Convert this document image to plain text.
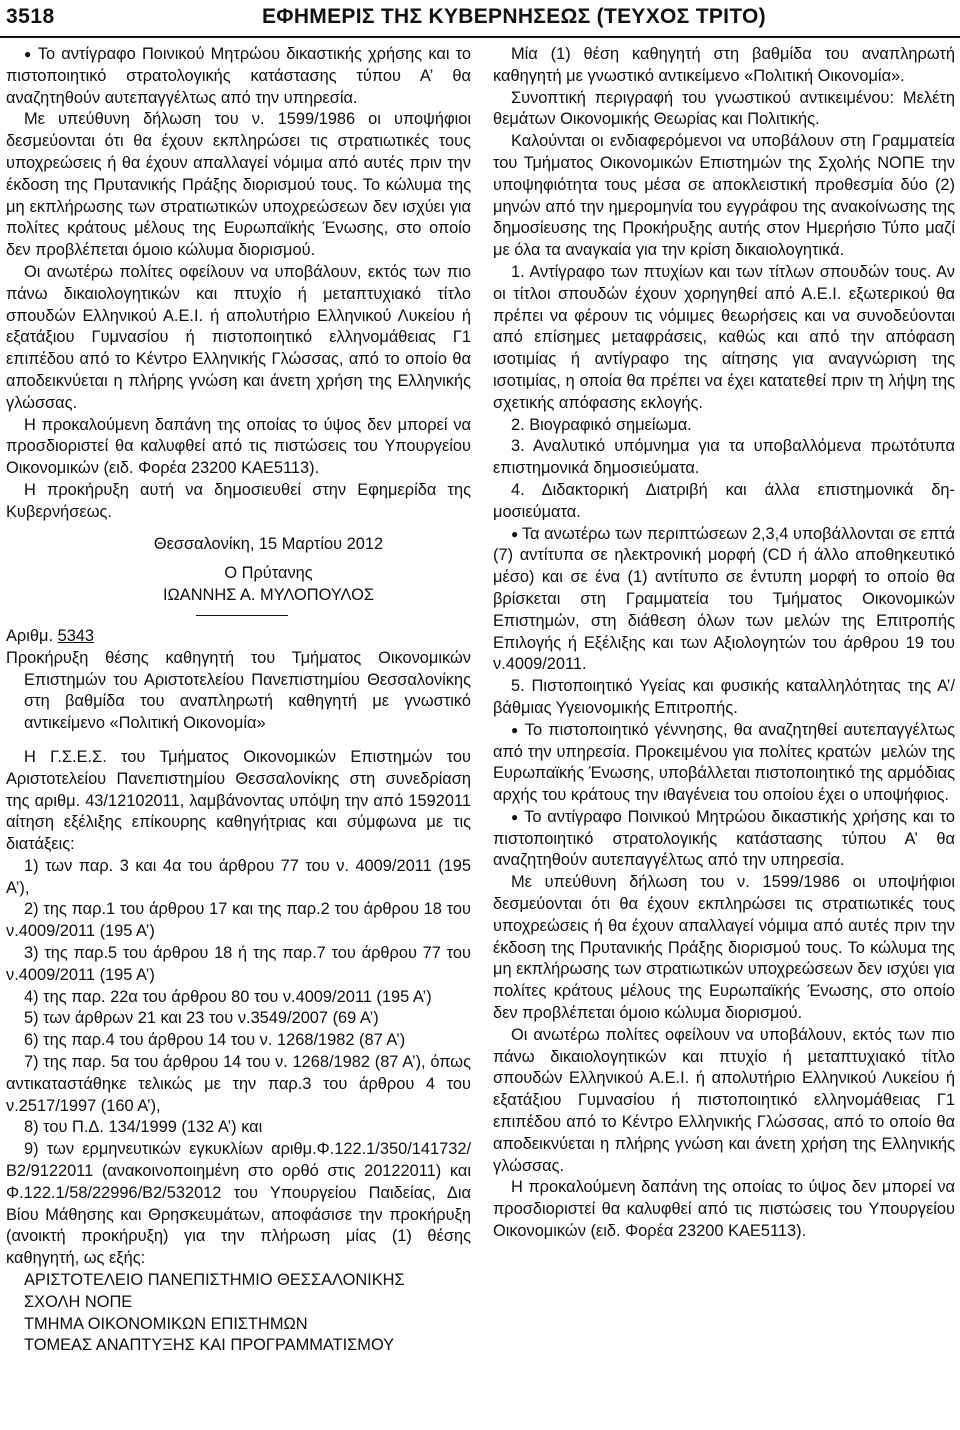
3518	ΕΦΗΜΕΡΙΣ ΤΗΣ ΚΥΒΕΡΝΗΣΕΩΣ (ΤΕΥΧΟΣ ΤΡΙΤΟ)

● Το αντίγραφο Ποινικού Μητρώου δικαστικής χρήσης και το πιστοποιητικό στρατολογικής κατάστασης τύπου Α’ θα αναζητηθούν αυτεπαγγέλτως από την υπηρεσία.

Με υπεύθυνη δήλωση του ν. 1599/1986 οι υποψήφιοι δεσμεύονται ότι θα έχουν εκπληρώσει τις στρατιωτικές τους υποχρεώσεις ή θα έχουν απαλλαγεί νόμιμα από αυτές πριν την έκδοση της Πρυτανικής Πράξης διορισμού τους. Το κώλυμα της μη εκπλήρωσης των στρατιωτικών υποχρεώσεων δεν ισχύει για πολίτες κράτους μέλους της Ευρωπαϊκής Ένωσης, στο οποίο δεν προβλέπεται όμοιο κώλυμα διορισμού.

Οι ανωτέρω πολίτες οφείλουν να υποβάλουν, εκτός των πιο πάνω δικαιολογητικών και πτυχίο ή μεταπτυχιακό τίτλο σπουδών Ελληνικού Α.Ε.Ι. ή απολυτήριο Ελληνικού Λυκείου ή εξατάξιου Γυμνασίου ή πιστοποιητικό ελληνομάθειας Γ1 επιπέδου από το Κέντρο Ελληνικής Γλώσσας, από το οποίο θα αποδεικνύεται η πλήρης γνώση και άνετη χρήση της Ελληνικής γλώσσας.

Η προκαλούμενη δαπάνη της οποίας το ύψος δεν μπορεί να προσδιοριστεί θα καλυφθεί από τις πιστώσεις του Υπουργείου Οικονομικών (ειδ. Φορέα 23200 ΚΑΕ5113).

Η προκήρυξη αυτή να δημοσιευθεί στην Εφημερίδα της Κυβερνήσεως.

Θεσσαλονίκη, 15 Μαρτίου 2012

Ο Πρύτανης

ΙΩΑΝΝΗΣ Α. ΜΥΛΟΠΟΥΛΟΣ

Αριθμ. 5343

Προκήρυξη θέσης καθηγητή του Τμήματος Οικονομικών Επιστημών του Αριστοτελείου Πανεπιστημίου Θεσσαλονίκης στη βαθμίδα του αναπληρωτή καθηγητή με γνωστικό αντικείμενο «Πολιτική Οικονομία»

Η Γ.Σ.Ε.Σ. του Τμήματος Οικονομικών Επιστημών του Αριστοτελείου Πανεπιστημίου Θεσσαλονίκης στη συνεδρίαση της αριθμ. 43/12102011, λαμβάνοντας υπόψη την από 1592011 αίτηση εξέλιξης επίκουρης καθηγήτριας και σύμφωνα με τις διατάξεις:

1) των παρ. 3 και 4α του άρθρου 77 του ν. 4009/2011 (195 Α’),

2) της παρ.1 του άρθρου 17 και της παρ.2 του άρθρου 18 του ν.4009/2011 (195 Α’)

3) της παρ.5 του άρθρου 18 ή της παρ.7 του άρθρου 77 του ν.4009/2011 (195 Α’)

4) της παρ. 22α του άρθρου 80 του ν.4009/2011 (195 Α’)

5) των άρθρων 21 και 23 του ν.3549/2007 (69 Α’)

6) της παρ.4 του άρθρου 14 του ν. 1268/1982 (87 Α’)

7) της παρ. 5α του άρθρου 14 του ν. 1268/1982 (87 Α’), όπως αντικαταστάθηκε τελικώς με την παρ.3 του άρθρου 4 του ν.2517/1997 (160 Α’),

8) του Π.Δ. 134/1999 (132 Α’) και

9) των ερμηνευτικών εγκυκλίων αριθμ.Φ.122.1/350/141732/ Β2/9122011 (ανακοινοποιημένη στο ορθό στις 20122011) και Φ.122.1/58/22996/Β2/532012 του Υπουργείου Παιδείας, Δια Βίου Μάθησης και Θρησκευμάτων, αποφάσισε την προκήρυξη (ανοικτή προκήρυξη) για την πλήρωση μίας (1) θέσης καθηγητή, ως εξής:

ΑΡΙΣΤΟΤΕΛΕΙΟ ΠΑΝΕΠΙΣΤΗΜΙΟ ΘΕΣΣΑΛΟΝΙΚΗΣ

ΣΧΟΛΗ ΝΟΠΕ

ΤΜΗΜΑ ΟΙΚΟΝΟΜΙΚΩΝ ΕΠΙΣΤΗΜΩΝ

ΤΟΜΕΑΣ ΑΝΑΠΤΥΞΗΣ ΚΑΙ ΠΡΟΓΡΑΜΜΑΤΙΣΜΟΥ

Μία (1) θέση καθηγητή στη βαθμίδα του αναπληρωτή καθηγητή με γνωστικό αντικείμενο «Πολιτική Οικονομία».

Συνοπτική περιγραφή του γνωστικού αντικειμένου: Μελέτη θεμάτων Οικονομικής Θεωρίας και Πολιτικής.

Καλούνται οι ενδιαφερόμενοι να υποβάλουν στη Γραμματεία του Τμήματος Οικονομικών Επιστημών της Σχολής ΝΟΠΕ την υποψηφιότητα τους μέσα σε αποκλειστική προθεσμία δύο (2) μηνών από την ημερομηνία του εγγράφου της ανακοίνωσης της δημοσίευσης της Προκήρυξης αυτής στον Ημερήσιο Τύπο μαζί με όλα τα αναγκαία για την κρίση δικαιολογητικά.

1. Αντίγραφο των πτυχίων και των τίτλων σπουδών τους. Αν οι τίτλοι σπουδών έχουν χορηγηθεί από Α.Ε.Ι. εξωτερικού θα πρέπει να φέρουν τις νόμιμες θεωρήσεις και να συνοδεύονται από επίσημες μεταφράσεις, καθώς και από την απόφαση ισοτιμίας ή αντίγραφο της αίτησης για αναγνώριση της ισοτιμίας, η οποία θα πρέπει να έχει κατατεθεί πριν τη λήψη της σχετικής απόφασης εκλογής.

2. Βιογραφικό σημείωμα.

3. Αναλυτικό υπόμνημα για τα υποβαλλόμενα πρωτότυπα επιστημονικά δημοσιεύματα.

4. Διδακτορική Διατριβή και άλλα επιστημονικά δημοσιεύματα.

● Τα ανωτέρω των περιπτώσεων 2,3,4 υποβάλλονται σε επτά (7) αντίτυπα σε ηλεκτρονική μορφή (CD ή άλλο αποθηκευτικό μέσο) και σε ένα (1) αντίτυπο σε έντυπη μορφή το οποίο θα βρίσκεται στη Γραμματεία του Τμήματος Οικονομικών Επιστημών, στη διάθεση όλων των μελών της Επιτροπής Επιλογής ή Εξέλιξης και των Αξιολογητών του άρθρου 19 του ν.4009/2011.

5. Πιστοποιητικό Υγείας και φυσικής καταλληλότητας της Α’/βάθμιας Υγειονομικής Επιτροπής.

● Το πιστοποιητικό γέννησης, θα αναζητηθεί αυτεπαγγέλτως από την υπηρεσία. Προκειμένου για πολίτες κρατών μελών της Ευρωπαϊκής Ένωσης, υποβάλλεται πιστοποιητικό της αρμόδιας αρχής του κράτους την ιθαγένεια του οποίου έχει ο υποψήφιος.

● Το αντίγραφο Ποινικού Μητρώου δικαστικής χρήσης και το πιστοποιητικό στρατολογικής κατάστασης τύπου Α’ θα αναζητηθούν αυτεπαγγέλτως από την υπηρεσία.

Με υπεύθυνη δήλωση του ν. 1599/1986 οι υποψήφιοι δεσμεύονται ότι θα έχουν εκπληρώσει τις στρατιωτικές τους υποχρεώσεις ή θα έχουν απαλλαγεί νόμιμα από αυτές πριν την έκδοση της Πρυτανικής Πράξης διορισμού τους. Το κώλυμα της μη εκπλήρωσης των στρατιωτικών υποχρεώσεων δεν ισχύει για πολίτες κράτους μέλους της Ευρωπαϊκής Ένωσης, στο οποίο δεν προβλέπεται όμοιο κώλυμα διορισμού.

Οι ανωτέρω πολίτες οφείλουν να υποβάλουν, εκτός των πιο πάνω δικαιολογητικών και πτυχίο ή μεταπτυχιακό τίτλο σπουδών Ελληνικού Α.Ε.Ι. ή απολυτήριο Ελληνικού Λυκείου ή εξατάξιου Γυμνασίου ή πιστοποιητικό ελληνομάθειας Γ1 επιπέδου από το Κέντρο Ελληνικής Γλώσσας, από το οποίο θα αποδεικνύεται η πλήρης γνώση και άνετη χρήση της Ελληνικής γλώσσας.

Η προκαλούμενη δαπάνη της οποίας το ύψος δεν μπορεί να προσδιοριστεί θα καλυφθεί από τις πιστώσεις του Υπουργείου Οικονομικών (ειδ. Φορέα 23200 ΚΑΕ5113).
